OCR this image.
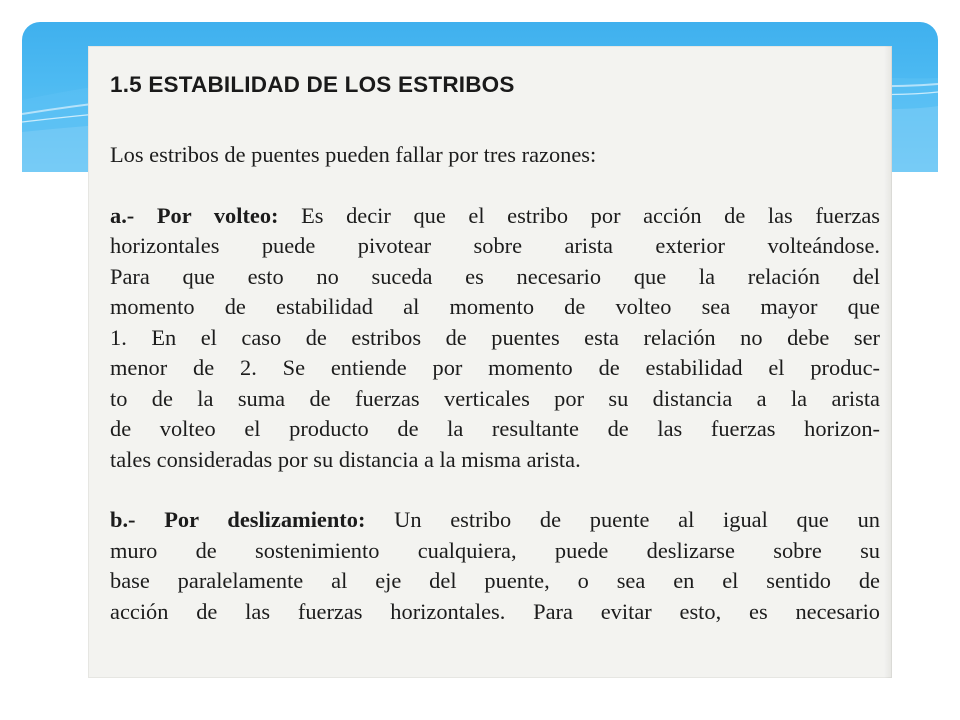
1.5 ESTABILIDAD DE LOS ESTRIBOS

Los estribos de puentes pueden fallar por tres razones:

a.- Por volteo: Es decir que el estribo por acción de las fuerzas
horizontales puede pivotear sobre arista exterior volteándose.
Para que esto no suceda es necesario que la relación del
momento de estabilidad al momento de volteo sea mayor que
1. En el caso de estribos de puentes esta relación no debe ser
menor de 2. Se entiende por momento de estabilidad el produc-
to de la suma de fuerzas verticales por su distancia a la arista
de volteo el producto de la resultante de las fuerzas horizon-
tales consideradas por su distancia a la misma arista.

b.- Por deslizamiento: Un estribo de puente al igual que un
muro de sostenimiento cualquiera, puede deslizarse sobre su
base paralelamente al eje del puente, o sea en el sentido de
acción de las fuerzas horizontales. Para evitar esto, es necesario
